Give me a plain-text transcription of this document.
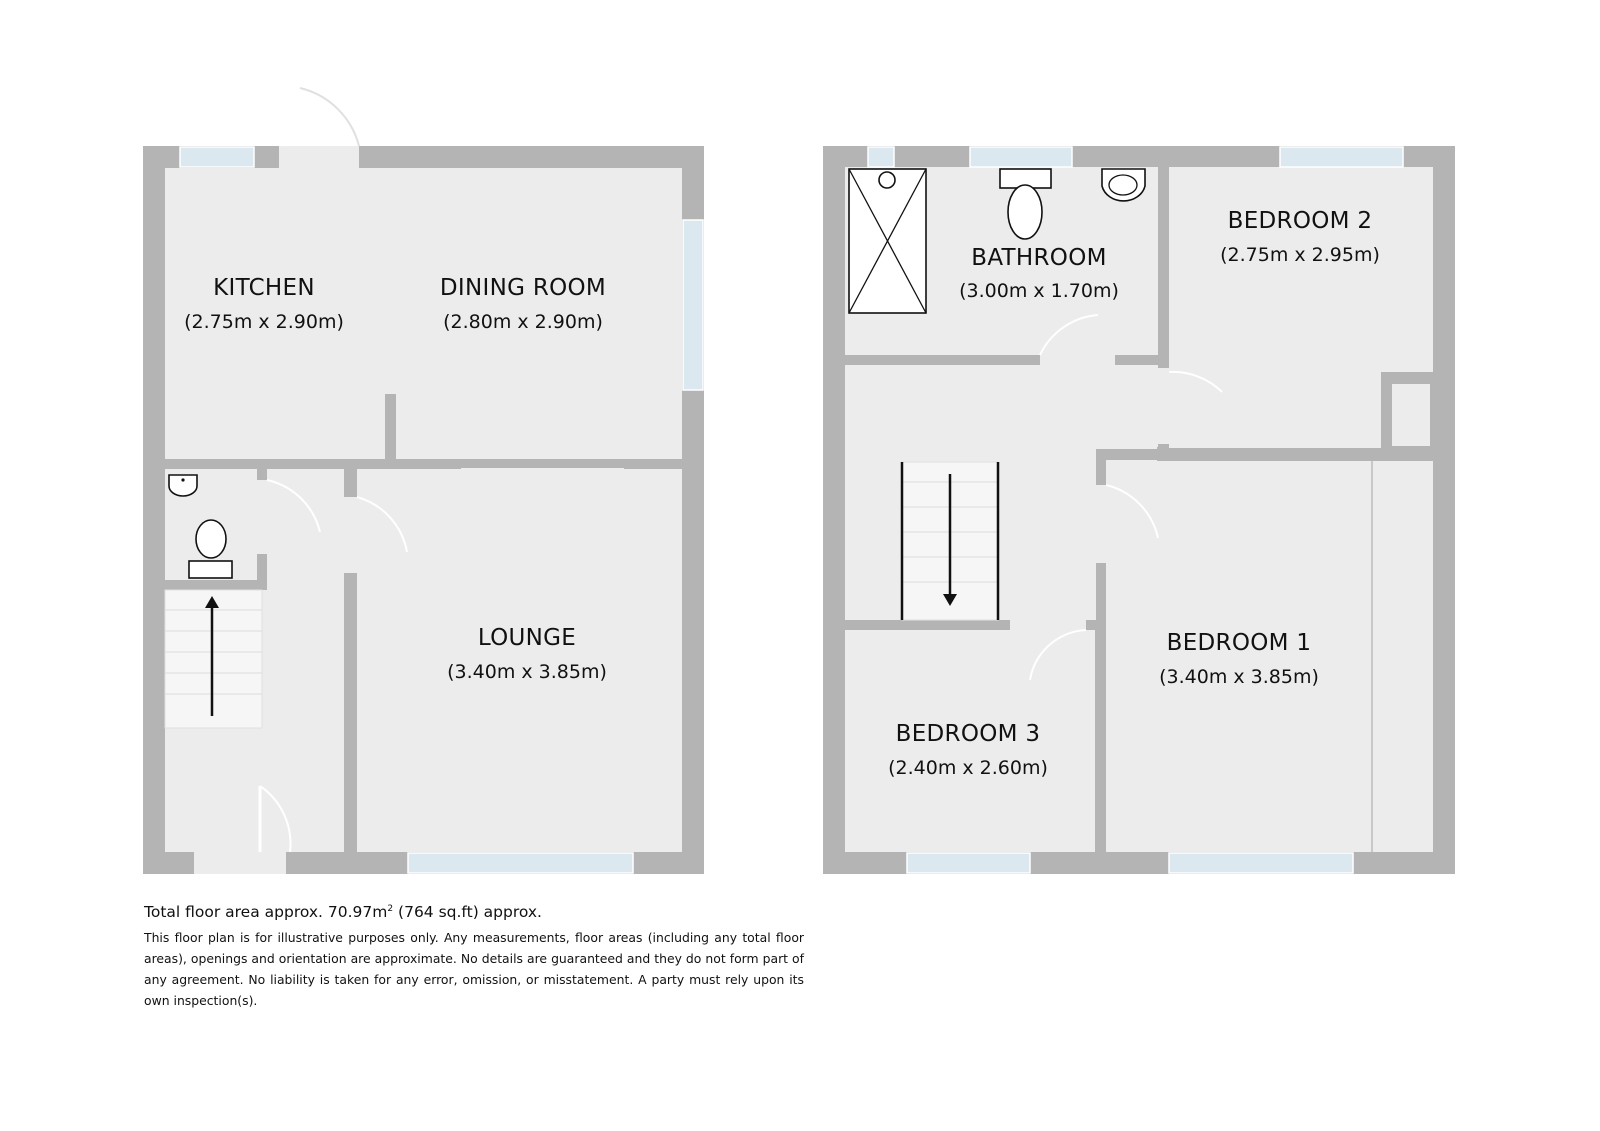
KITCHEN
(2.75m x 2.90m)
DINING ROOM
(2.80m x 2.90m)
LOUNGE
(3.40m x 3.85m)
BATHROOM
(3.00m x 1.70m)
BEDROOM 2
(2.75m x 2.95m)
BEDROOM 1
(3.40m x 3.85m)
BEDROOM 3
(2.40m x 2.60m)
Total floor area approx. $70.97m^2$ (764 sq.ft) approx.
This floor plan is for illustrative purposes only. Any measurements, floor areas (including any total floor areas), openings and orientation are approximate. No details are guaranteed and they do not form part of any agreement. No liability is taken for any error, omission, or misstatement. A party must rely upon its own inspection(s).
